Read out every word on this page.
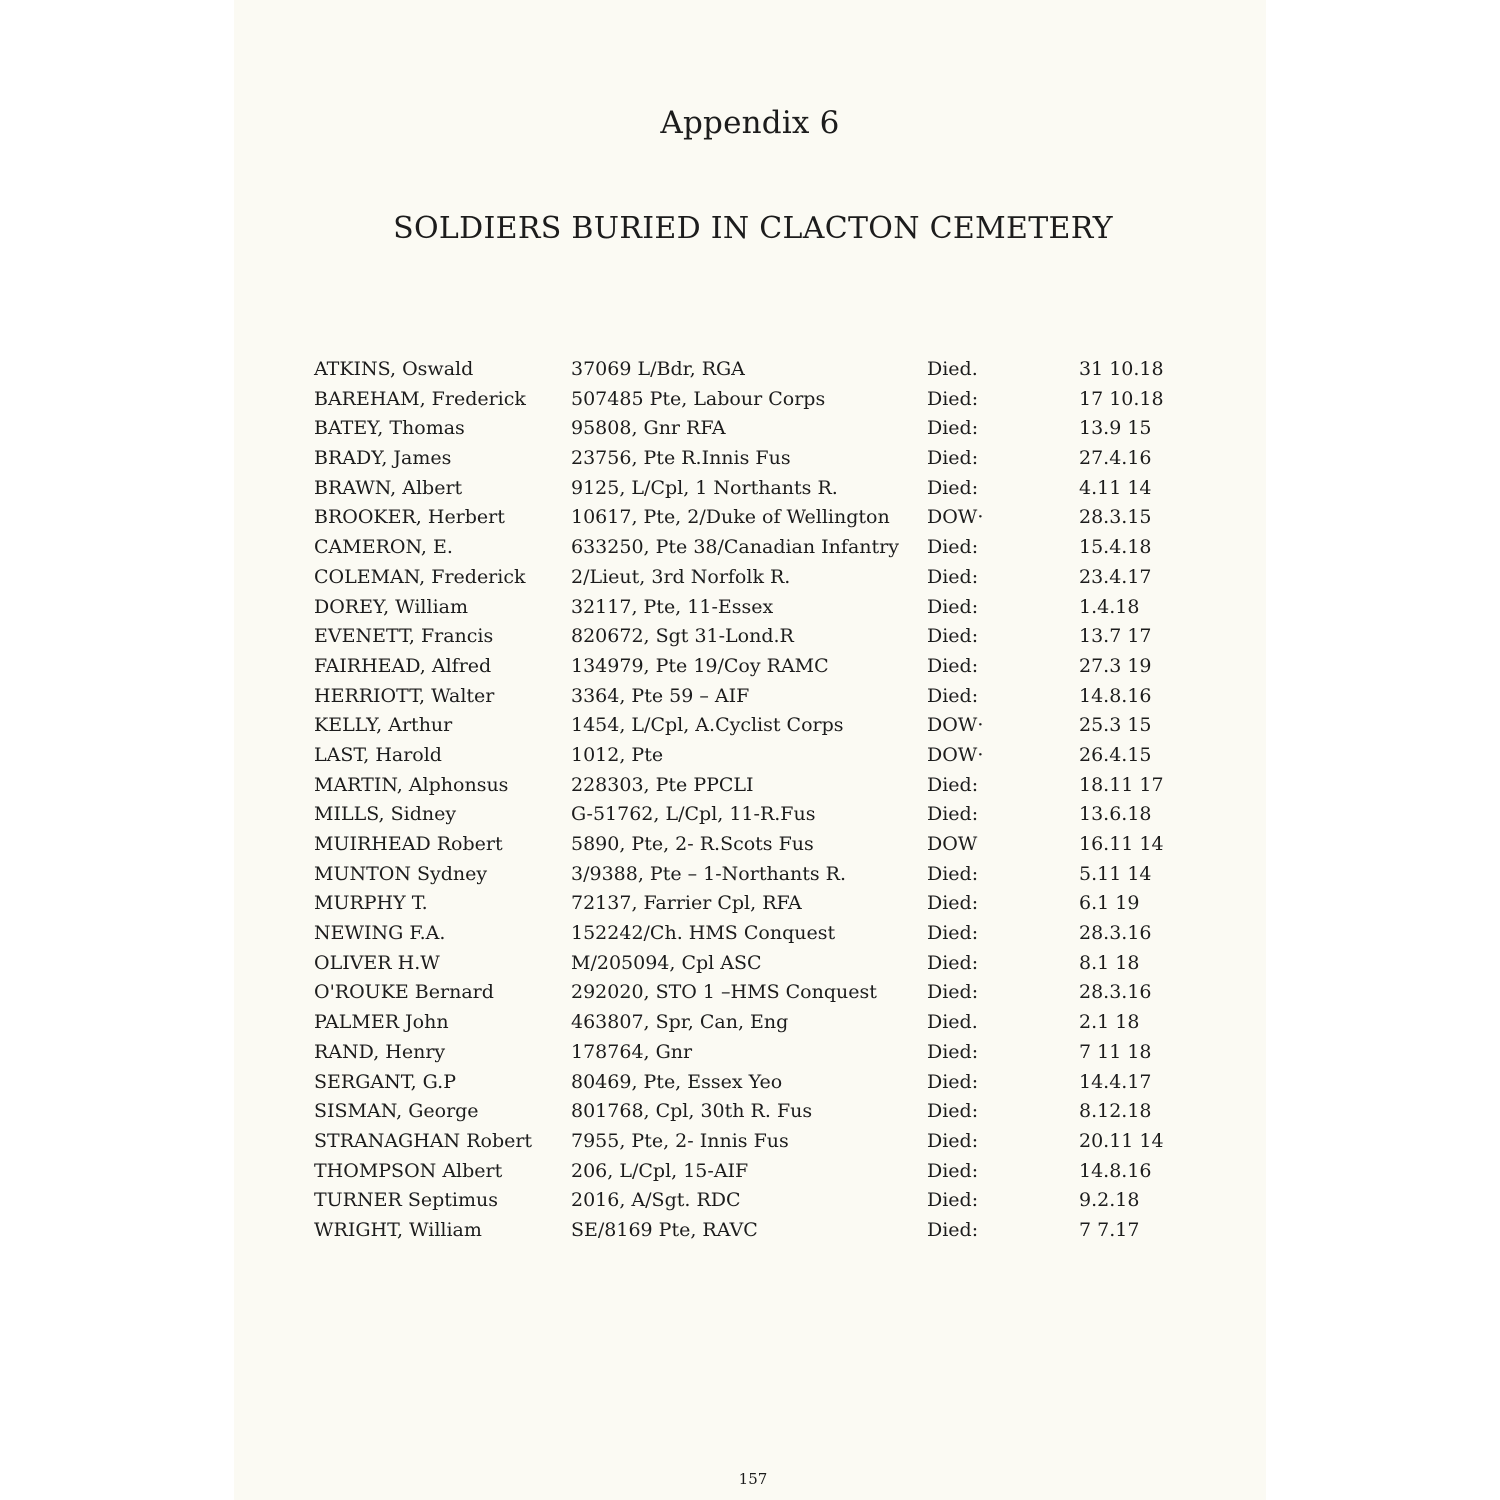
Appendix 6
SOLDIERS BURIED IN CLACTON CEMETERY
ATKINS, Oswald	37069 L/Bdr, RGA	Died.	31 10.18
BAREHAM, Frederick 507485 Pte, Labour Corps	Died:	17 10.18
BATEY, Thomas	95808, Gnr RFA	Died:	13.9 15
BRADY, James	23756, Pte R.Innis Fus	Died:	27.4.16
BRAWN, Albert	9125, L/Cpl, 1 Northants R.	Died:	4.11 14
BROOKER, Herbert	10617, Pte, 2/Duke of Wellington DOW·	28.3.15
CAMERON, E.	633250, Pte 38/Canadian Infantry Died:	15.4.18
COLEMAN, Frederick 2/Lieut, 3rd Norfolk R.	Died:	23.4.17
DOREY, William	32117, Pte, 11-Essex	Died:	1.4.18
EVENETT, Francis	820672, Sgt 31-Lond.R	Died:	13.7 17
FAIRHEAD, Alfred	134979, Pte 19/Coy RAMC	Died:	27.3 19
HERRIOTT, Walter	3364, Pte 59 – AIF	Died:	14.8.16
KELLY, Arthur	1454, L/Cpl, A.Cyclist Corps	DOW·	25.3 15
LAST, Harold	1012, Pte	DOW·	26.4.15
MARTIN, Alphonsus	228303, Pte PPCLI	Died:	18.11 17
MILLS, Sidney	G-51762, L/Cpl, 11-R.Fus	Died:	13.6.18
MUIRHEAD Robert	5890, Pte, 2- R.Scots Fus	DOW	16.11 14
MUNTON Sydney	3/9388, Pte – 1-Northants R.	Died:	5.11 14
MURPHY T.	72137, Farrier Cpl, RFA	Died:	6.1 19
NEWING F.A.	152242/Ch. HMS Conquest	Died:	28.3.16
OLIVER H.W	M/205094, Cpl ASC	Died:	8.1 18
O'ROUKE Bernard	292020, STO 1 –HMS Conquest	Died:	28.3.16
PALMER John	463807, Spr, Can, Eng	Died.	2.1 18
RAND, Henry	178764, Gnr	Died:	7 11 18
SERGANT, G.P	80469, Pte, Essex Yeo	Died:	14.4.17
SISMAN, George	801768, Cpl, 30th R. Fus	Died:	8.12.18
STRANAGHAN Robert 7955, Pte, 2- Innis Fus	Died:	20.11 14
THOMPSON Albert	206, L/Cpl, 15-AIF	Died:	14.8.16
TURNER Septimus	2016, A/Sgt. RDC	Died:	9.2.18
WRIGHT, William	SE/8169 Pte, RAVC	Died:	7 7.17
157
